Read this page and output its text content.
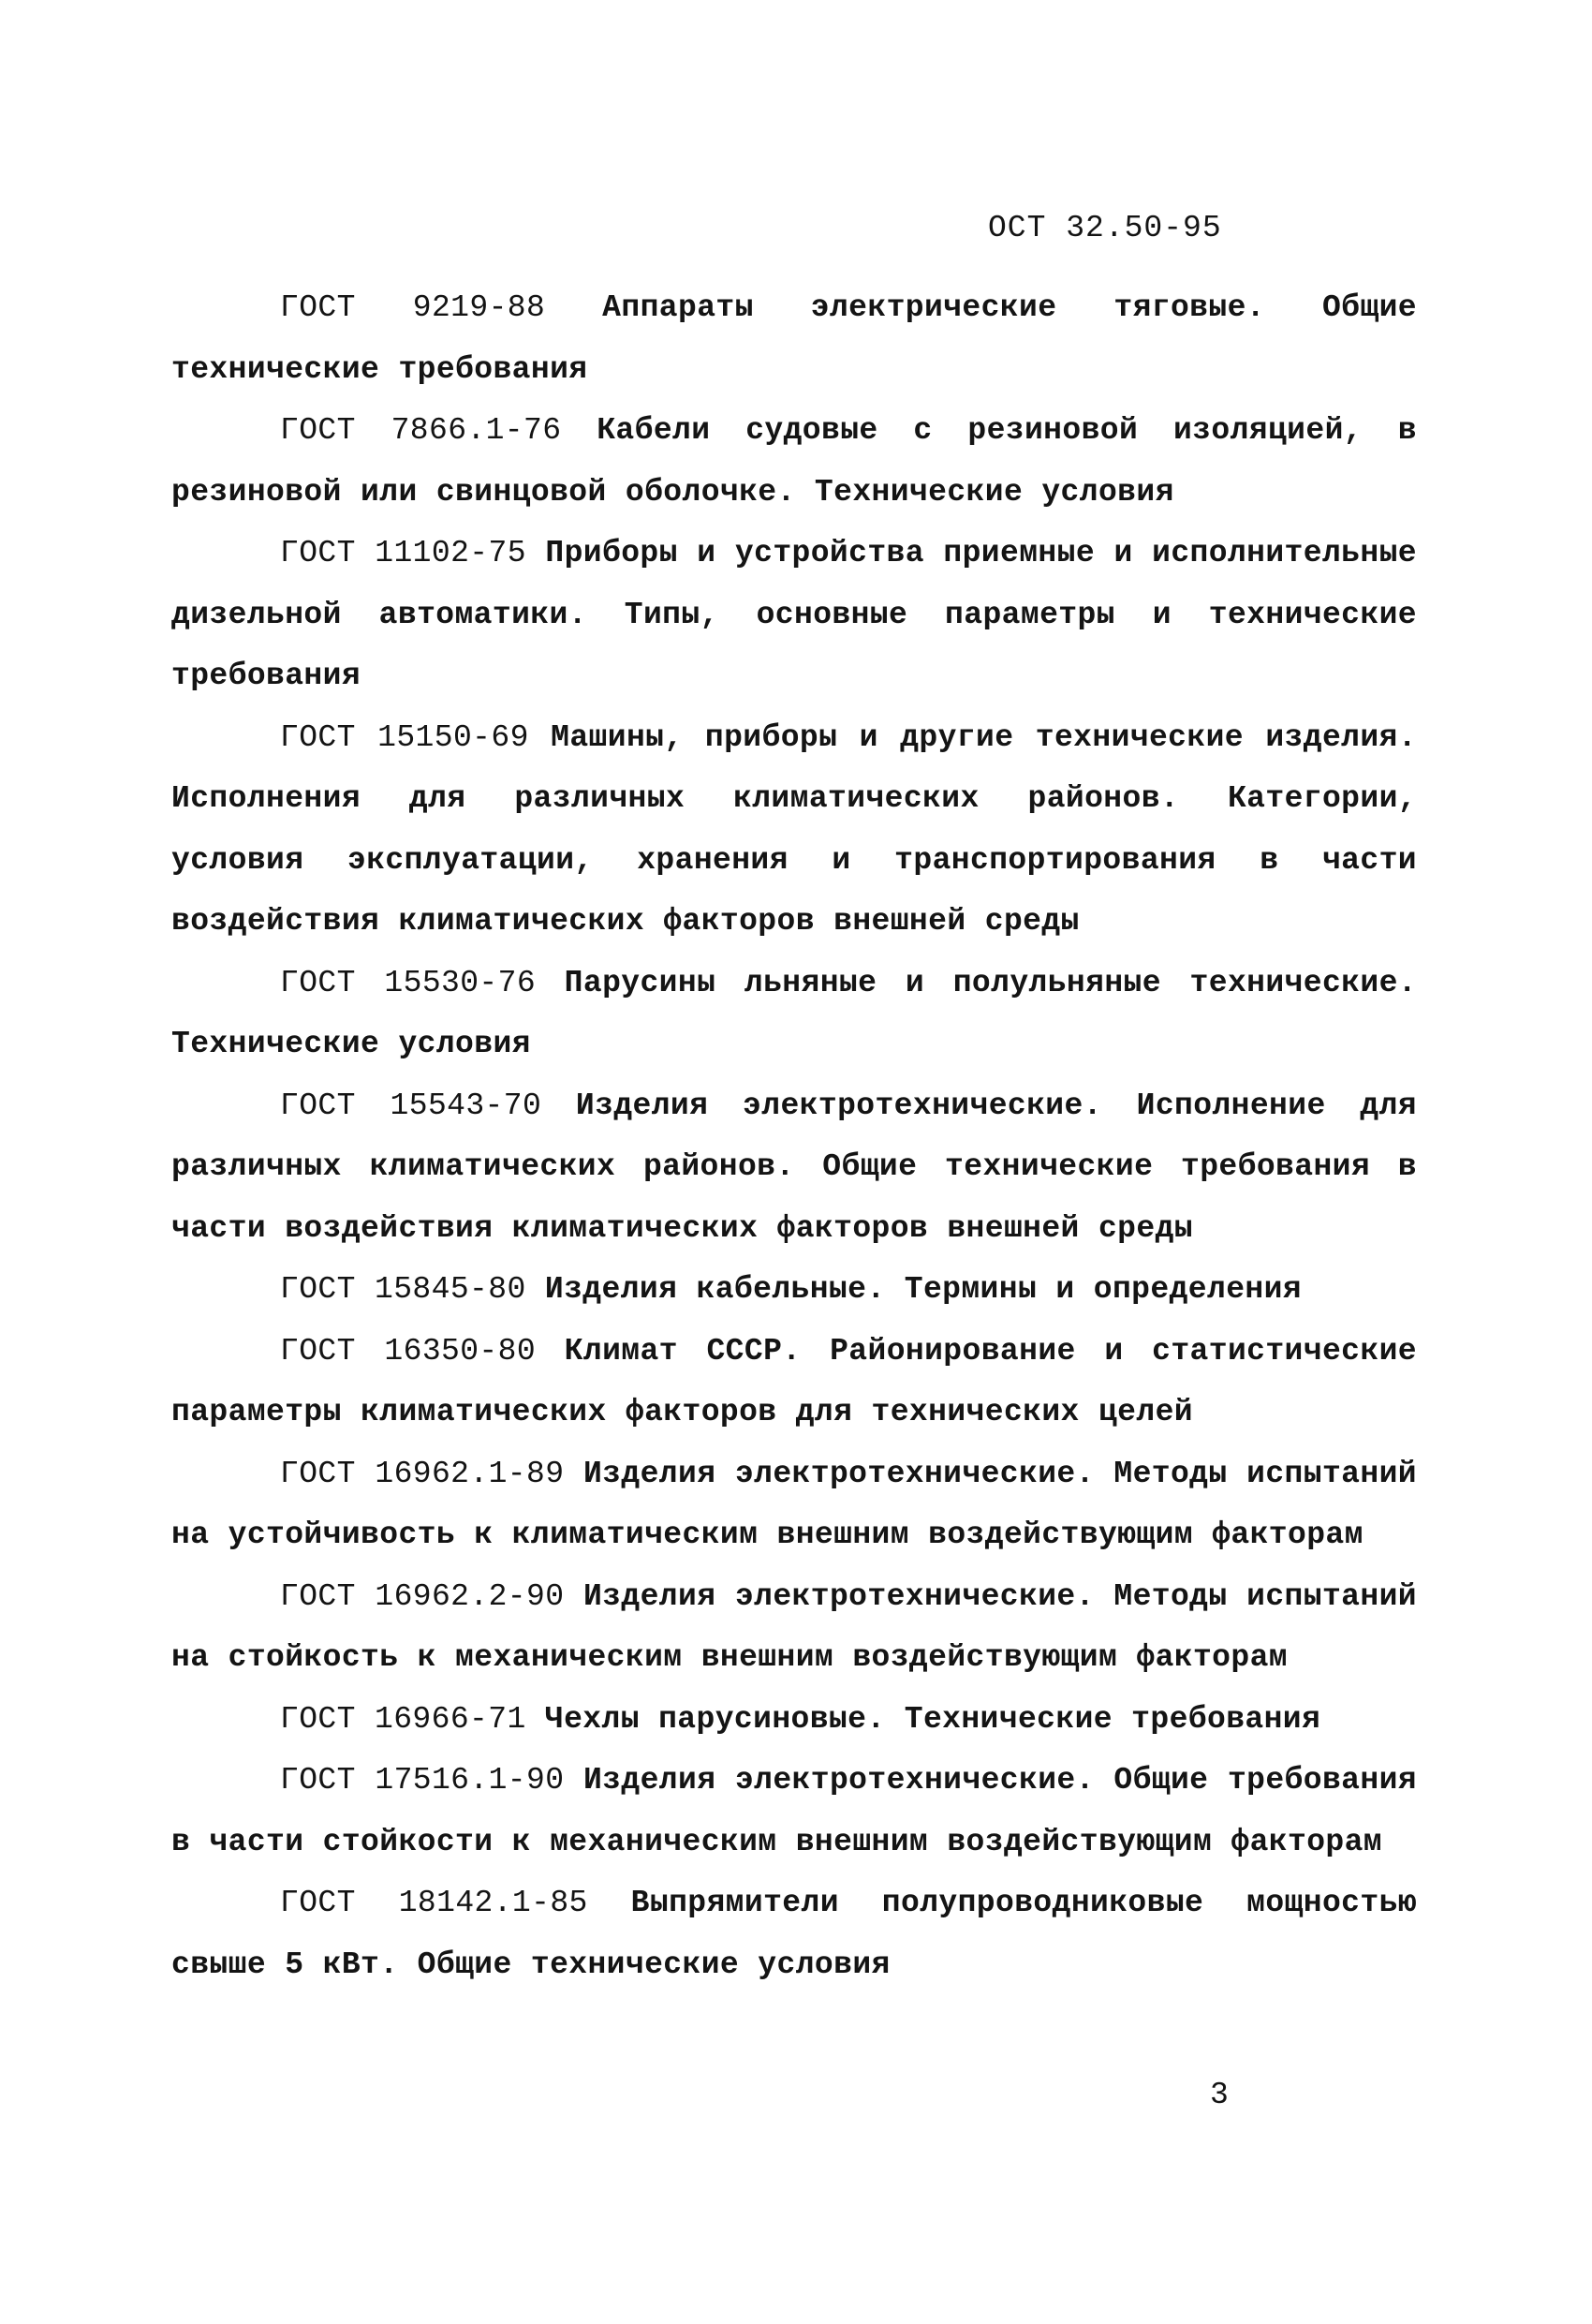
ОСТ 32.50-95

ГОСТ 9219-88 Аппараты электрические тяговые. Общие технические требования

ГОСТ 7866.1-76 Кабели судовые с резиновой изоляцией, в резиновой или свинцовой оболочке. Технические условия

ГОСТ 11102-75 Приборы и устройства приемные и исполнительные дизельной автоматики. Типы, основные параметры и технические требования

ГОСТ 15150-69 Машины, приборы и другие технические изделия. Исполнения для различных климатических районов. Категории, условия эксплуатации, хранения и транспортирования в части воздействия климатических факторов внешней среды

ГОСТ 15530-76 Парусины льняные и полульняные технические. Технические условия

ГОСТ 15543-70 Изделия электротехнические. Исполнение для различных климатических районов. Общие технические требования в части воздействия климатических факторов внешней среды

ГОСТ 15845-80 Изделия кабельные. Термины и определения

ГОСТ 16350-80 Климат СССР. Районирование и статистические параметры климатических факторов для технических целей

ГОСТ 16962.1-89 Изделия электротехнические. Методы испытаний на устойчивость к климатическим внешним воздействующим факторам

ГОСТ 16962.2-90 Изделия электротехнические. Методы испытаний на стойкость к механическим внешним воздействующим факторам

ГОСТ 16966-71 Чехлы парусиновые. Технические требования

ГОСТ 17516.1-90 Изделия электротехнические. Общие требования в части стойкости к механическим внешним воздействующим факторам

ГОСТ 18142.1-85 Выпрямители полупроводниковые мощностью свыше 5 кВт. Общие технические условия

3
